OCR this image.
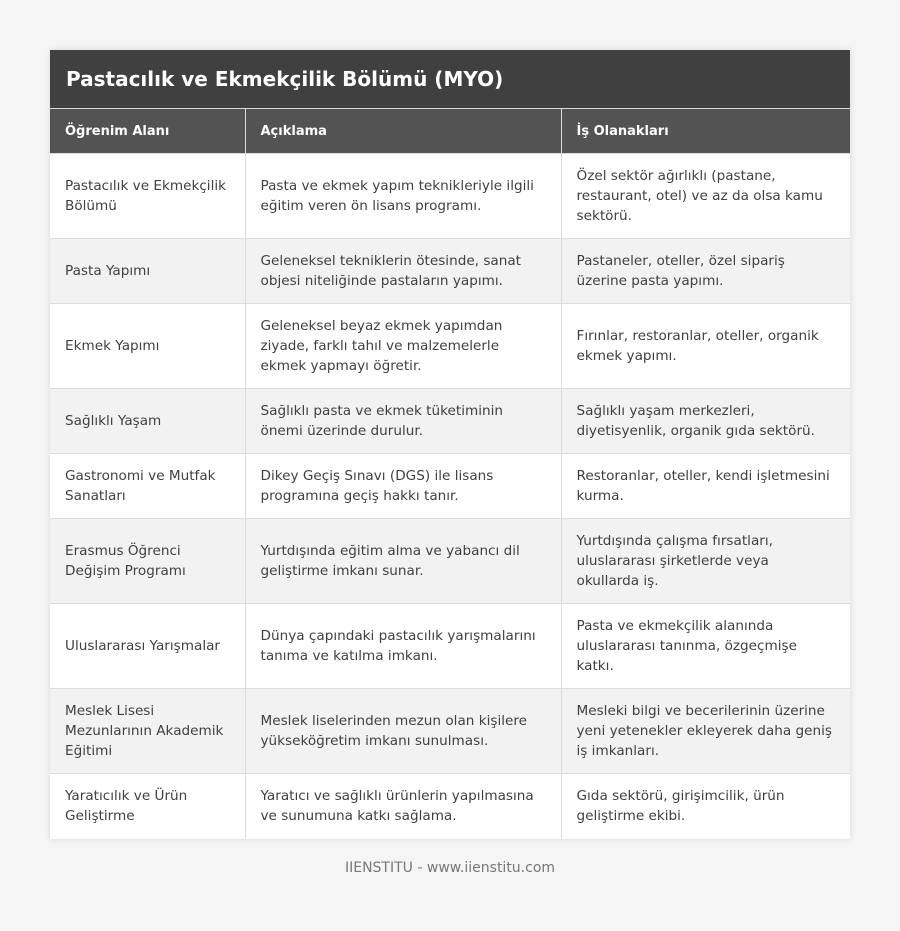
Pastacılık ve Ekmekçilik Bölümü (MYO)
Öğrenim Alanı	Açıklama	İş Olanakları
Pastacılık ve Ekmekçilik Bölümü	Pasta ve ekmek yapım teknikleriyle ilgili eğitim veren ön lisans programı.	Özel sektör ağırlıklı (pastane, restaurant, otel) ve az da olsa kamu sektörü.
Pasta Yapımı	Geleneksel tekniklerin ötesinde, sanat objesi niteliğinde pastaların yapımı.	Pastaneler, oteller, özel sipariş üzerine pasta yapımı.
Ekmek Yapımı	Geleneksel beyaz ekmek yapımdan ziyade, farklı tahıl ve malzemelerle ekmek yapmayı öğretir.	Fırınlar, restoranlar, oteller, organik ekmek yapımı.
Sağlıklı Yaşam	Sağlıklı pasta ve ekmek tüketiminin önemi üzerinde durulur.	Sağlıklı yaşam merkezleri, diyetisyenlik, organik gıda sektörü.
Gastronomi ve Mutfak Sanatları	Dikey Geçiş Sınavı (DGS) ile lisans programına geçiş hakkı tanır.	Restoranlar, oteller, kendi işletmesini kurma.
Erasmus Öğrenci Değişim Programı	Yurtdışında eğitim alma ve yabancı dil geliştirme imkanı sunar.	Yurtdışında çalışma fırsatları, uluslararası şirketlerde veya okullarda iş.
Uluslararası Yarışmalar	Dünya çapındaki pastacılık yarışmalarını tanıma ve katılma imkanı.	Pasta ve ekmekçilik alanında uluslararası tanınma, özgeçmişe katkı.
Meslek Lisesi Mezunlarının Akademik Eğitimi	Meslek liselerinden mezun olan kişilere yükseköğretim imkanı sunulması.	Mesleki bilgi ve becerilerinin üzerine yeni yetenekler ekleyerek daha geniş iş imkanları.
Yaratıcılık ve Ürün Geliştirme	Yaratıcı ve sağlıklı ürünlerin yapılmasına ve sunumuna katkı sağlama.	Gıda sektörü, girişimcilik, ürün geliştirme ekibi.
IIENSTITU - www.iienstitu.com
